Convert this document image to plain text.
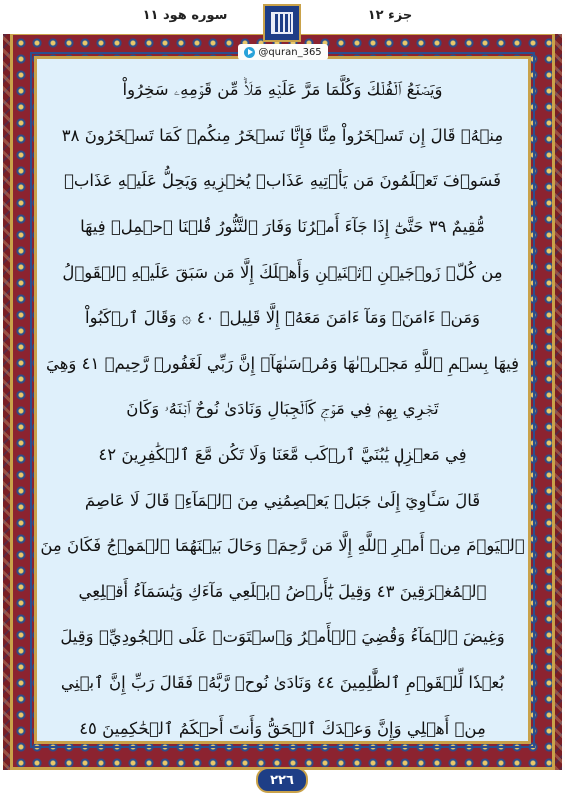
وَيَصۡنَعُ ٱلۡفُلۡكَ وَكُلَّمَا مَرَّ عَلَيۡهِ مَلَأٞ مِّن قَوۡمِهِۦ سَخِرُواْ
مِنۡهُۚ قَالَ إِن تَسۡخَرُواْ مِنَّا فَإِنَّا نَسۡخَرُ مِنكُمۡ كَمَا تَسۡخَرُونَ ٣٨
فَسَوۡفَ تَعۡلَمُونَ مَن يَأۡتِيهِ عَذَابٞ يُخۡزِيهِ وَيَحِلُّ عَلَيۡهِ عَذَابٞ
مُّقِيمٌ ٣٩ حَتَّىٰٓ إِذَا جَآءَ أَمۡرُنَا وَفَارَ ٱلتَّنُّورُ قُلۡنَا ٱحۡمِلۡ فِيهَا
مِن كُلّٖ زَوۡجَيۡنِ ٱثۡنَيۡنِ وَأَهۡلَكَ إِلَّا مَن سَبَقَ عَلَيۡهِ ٱلۡقَوۡلُ
وَمَنۡ ءَامَنَۚ وَمَآ ءَامَنَ مَعَهُۥٓ إِلَّا قَلِيلٞ ٤٠ ۞ وَقَالَ ٱرۡكَبُواْ
فِيهَا بِسۡمِ ٱللَّهِ مَجۡرٜىٰهَا وَمُرۡسَىٰهَآۚ إِنَّ رَبِّي لَغَفُورٞ رَّحِيمٞ ٤١ وَهِيَ
تَجۡرِي بِهِمۡ فِي مَوۡجٖ كَٱلۡجِبَالِ وَنَادَىٰ نُوحٌ ٱبۡنَهُۥ وَكَانَ
فِي مَعۡزِلٖ يَٰبُنَيَّ ٱرۡكَب مَّعَنَا وَلَا تَكُن مَّعَ ٱلۡكَٰفِرِينَ ٤٢
قَالَ سَـَٔاوِيٓ إِلَىٰ جَبَلٖ يَعۡصِمُنِي مِنَ ٱلۡمَآءِۚ قَالَ لَا عَاصِمَ
ٱلۡيَوۡمَ مِنۡ أَمۡرِ ٱللَّهِ إِلَّا مَن رَّحِمَۚ وَحَالَ بَيۡنَهُمَا ٱلۡمَوۡجُ فَكَانَ مِنَ
ٱلۡمُغۡرَقِينَ ٤٣ وَقِيلَ يَٰٓأَرۡضُ ٱبۡلَعِي مَآءَكِ وَيَٰسَمَآءُ أَقۡلِعِي
وَغِيضَ ٱلۡمَآءُ وَقُضِيَ ٱلۡأَمۡرُ وَٱسۡتَوَتۡ عَلَى ٱلۡجُودِيِّۖ وَقِيلَ
بُعۡدٗا لِّلۡقَوۡمِ ٱلظَّٰلِمِينَ ٤٤ وَنَادَىٰ نُوحٞ رَّبَّهُۥ فَقَالَ رَبِّ إِنَّ ٱبۡنِي
مِنۡ أَهۡلِي وَإِنَّ وَعۡدَكَ ٱلۡحَقُّ وَأَنتَ أَحۡكَمُ ٱلۡحَٰكِمِينَ ٤٥
جزء ١٢
سوره هود ١١
@quran_365
٢٢٦
